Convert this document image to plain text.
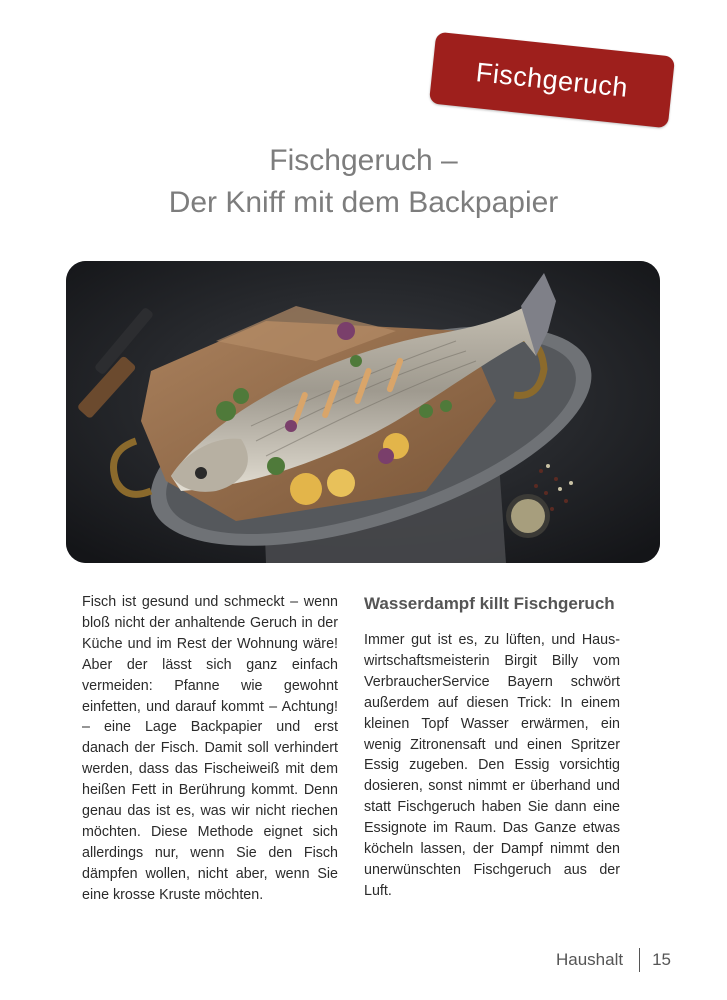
Fischgeruch
Fischgeruch –
Der Kniff mit dem Backpapier

Fisch ist gesund und schmeckt – wenn bloß nicht der anhaltende Geruch in der Küche und im Rest der Wohnung wäre! Aber der lässt sich ganz einfach vermeiden: Pfanne wie gewohnt einfetten, und darauf kommt – Achtung! – eine Lage Backpapier und erst danach der Fisch. Damit soll verhindert werden, dass das Fischeiweiß mit dem heißen Fett in Berührung kommt. Denn genau das ist es, was wir nicht riechen möchten. Diese Methode eignet sich allerdings nur, wenn Sie den Fisch dämpfen wollen, nicht aber, wenn Sie eine krosse Kruste möchten.

Wasserdampf killt Fischgeruch

Immer gut ist es, zu lüften, und Hauswirtschaftsmeisterin Birgit Billy vom VerbraucherService Bayern schwört außerdem auf diesen Trick: In einem kleinen Topf Wasser erwärmen, ein wenig Zitronensaft und einen Spritzer Essig zugeben. Den Essig vorsichtig dosieren, sonst nimmt er überhand und statt Fischgeruch haben Sie dann eine Essignote im Raum. Das Ganze etwas köcheln lassen, der Dampf nimmt den unerwünschten Fischgeruch aus der Luft.

Haushalt 15
